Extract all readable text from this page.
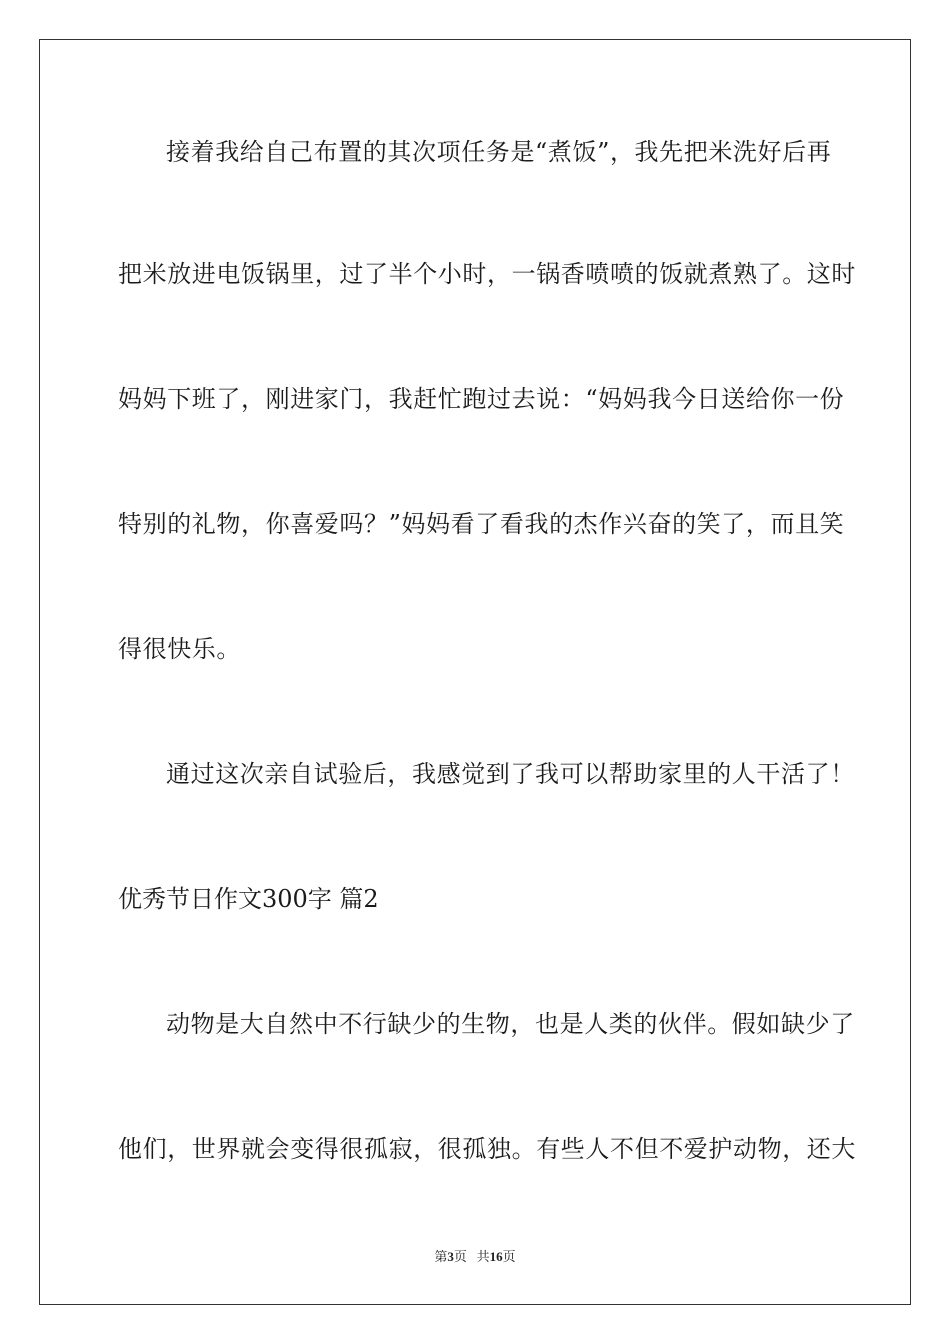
接着我给自己布置的其次项任务是“煮饭”，我先把米洗好后再
把米放进电饭锅里，过了半个小时，一锅香喷喷的饭就煮熟了。这时
妈妈下班了，刚进家门，我赶忙跑过去说：“妈妈我今日送给你一份
特别的礼物，你喜爱吗？”妈妈看了看我的杰作兴奋的笑了，而且笑
得很快乐。
通过这次亲自试验后，我感觉到了我可以帮助家里的人干活了！
优秀节日作文300字 篇2
动物是大自然中不行缺少的生物，也是人类的伙伴。假如缺少了
他们，世界就会变得很孤寂，很孤独。有些人不但不爱护动物，还大
第3页   共16页
